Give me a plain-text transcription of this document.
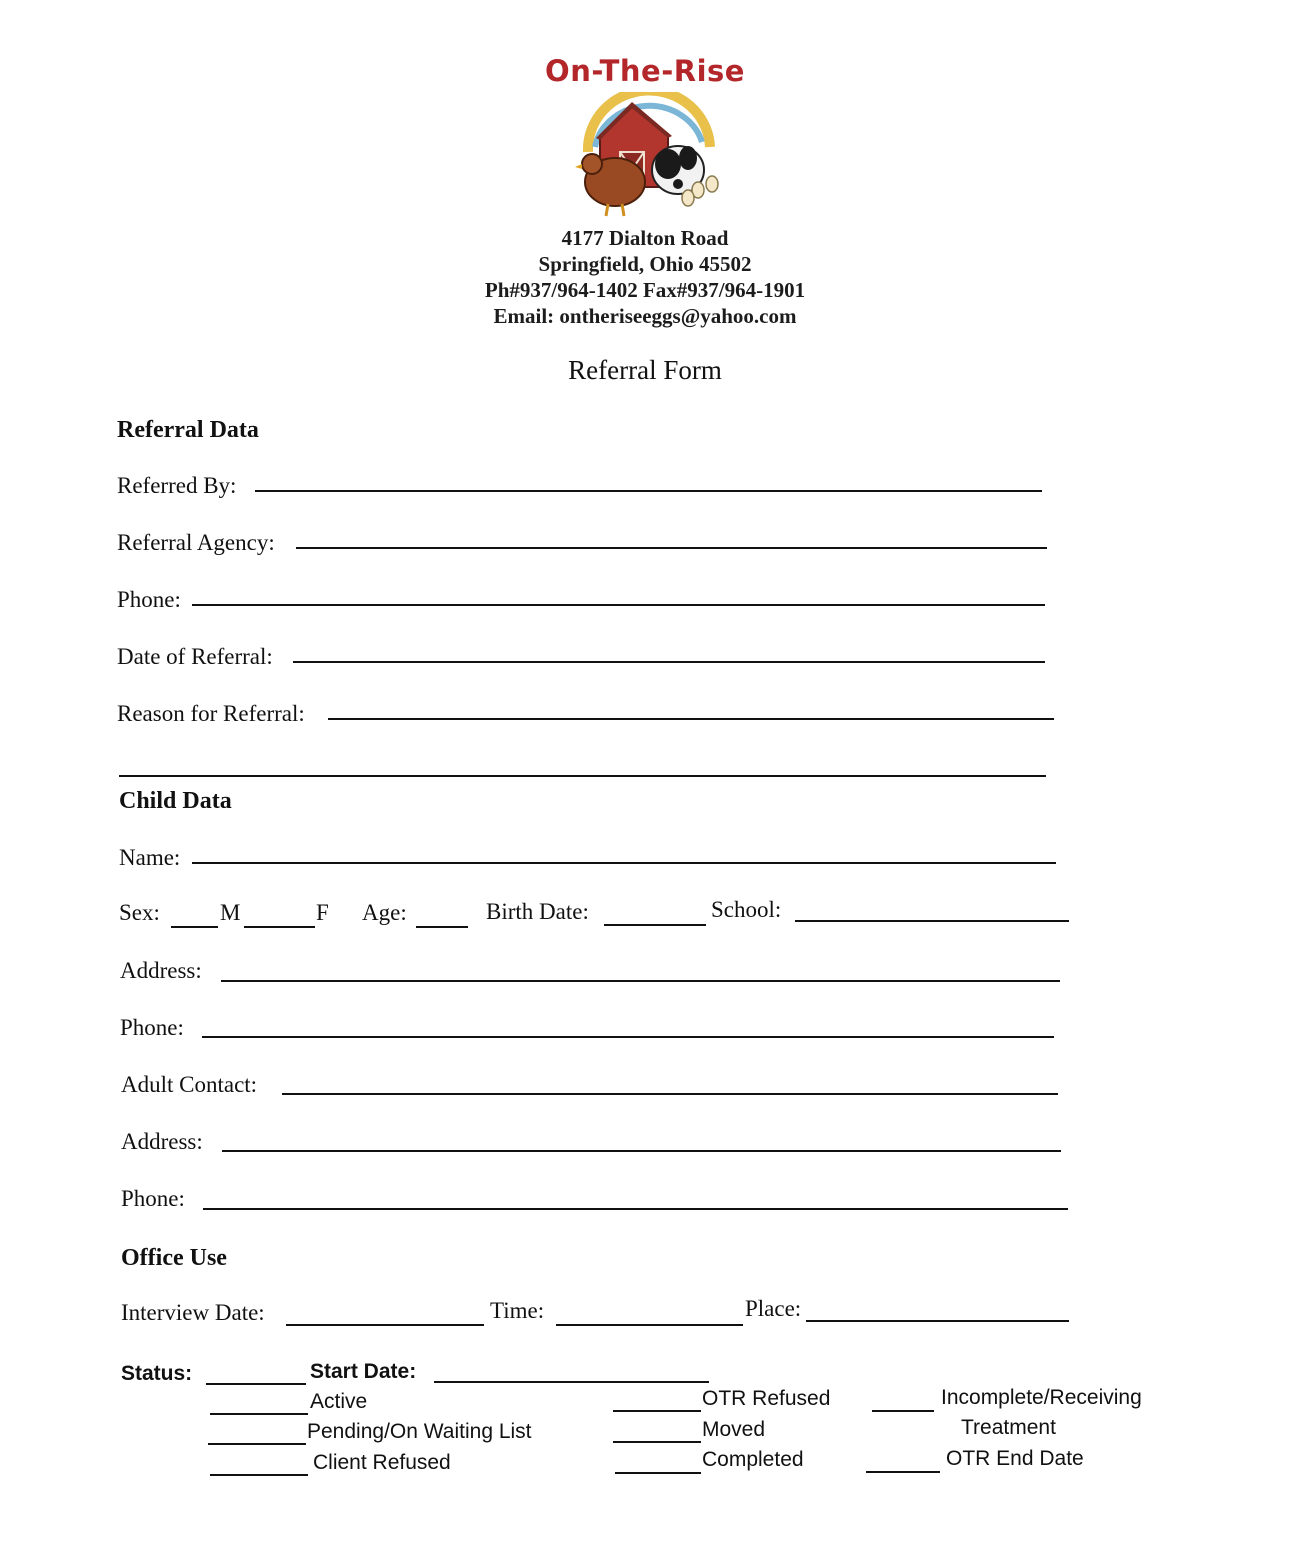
On-The-Rise
4177 Dialton Road
Springfield, Ohio 45502
Ph#937/964-1402 Fax#937/964-1901
Email: ontheriseeggs@yahoo.com
Referral Form
Referral Data
Referred By:
Referral Agency:
Phone:
Date of Referral:
Reason for Referral:
Child Data
Name:
Sex:	M	F Age:	Birth Date:	School:
Address:
Phone:
Adult Contact:
Address:
Phone:
Office Use
Interview Date:	Time:	Place:
Status:	Start Date:
Active
Pending/On Waiting List
Client Refused
OTR Refused
Moved
Completed
Incomplete/Receiving
Treatment
OTR End Date
